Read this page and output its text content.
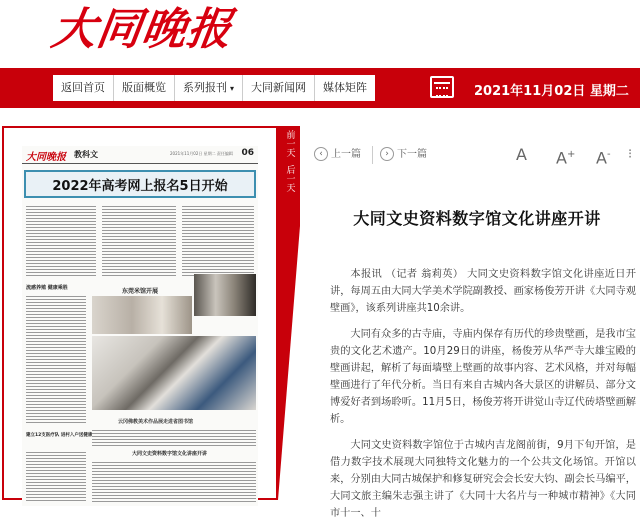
大同晚报
返回首页	版面概览	系列报刊 ▾	大同新闻网	媒体矩阵	2021年11月02日 星期二
大同晚报 教科文	2021年11月02日 星期二 责任编辑 06
2022年高考网上报名5日开始
流感养殖 健康乘胜
建立12支医疗队 进村入户送健康
东莞米馆开展
云冈佛教美术作品展走进省图书馆
大同文史资料数字馆文化讲座开讲
前一天
后一天
‹ 上一篇	› 下一篇	A A+ A- ⁝
大同文史资料数字馆文化讲座开讲

本报讯 （记者 翁莉英） 大同文史资料数字馆文化讲座近日开讲，每周五由大同大学美术学院副教授、画家杨俊芳开讲《大同寺观壁画》，该系列讲座共10余讲。

大同有众多的古寺庙，寺庙内保存有历代的珍贵壁画，是我市宝贵的文化艺术遗产。10月29日的讲座，杨俊芳从华严寺大雄宝殿的壁画讲起，解析了每面墙壁上壁画的故事内容、艺术风格，并对每幅壁画进行了年代分析。当日有来自古城内各大景区的讲解员、部分文博爱好者到场聆听。11月5日，杨俊芳将开讲觉山寺辽代砖塔壁画解析。

大同文史资料数字馆位于古城内吉龙阁前街，9月下旬开馆，是借力数字技术展现大同独特文化魅力的一个公共文化场馆。开馆以来，分别由大同古城保护和修复研究会会长安大钧、副会长马编平，大同文旅主编朱志强主讲了《大同十大名片与一种城市精神》《大同市十一、十
